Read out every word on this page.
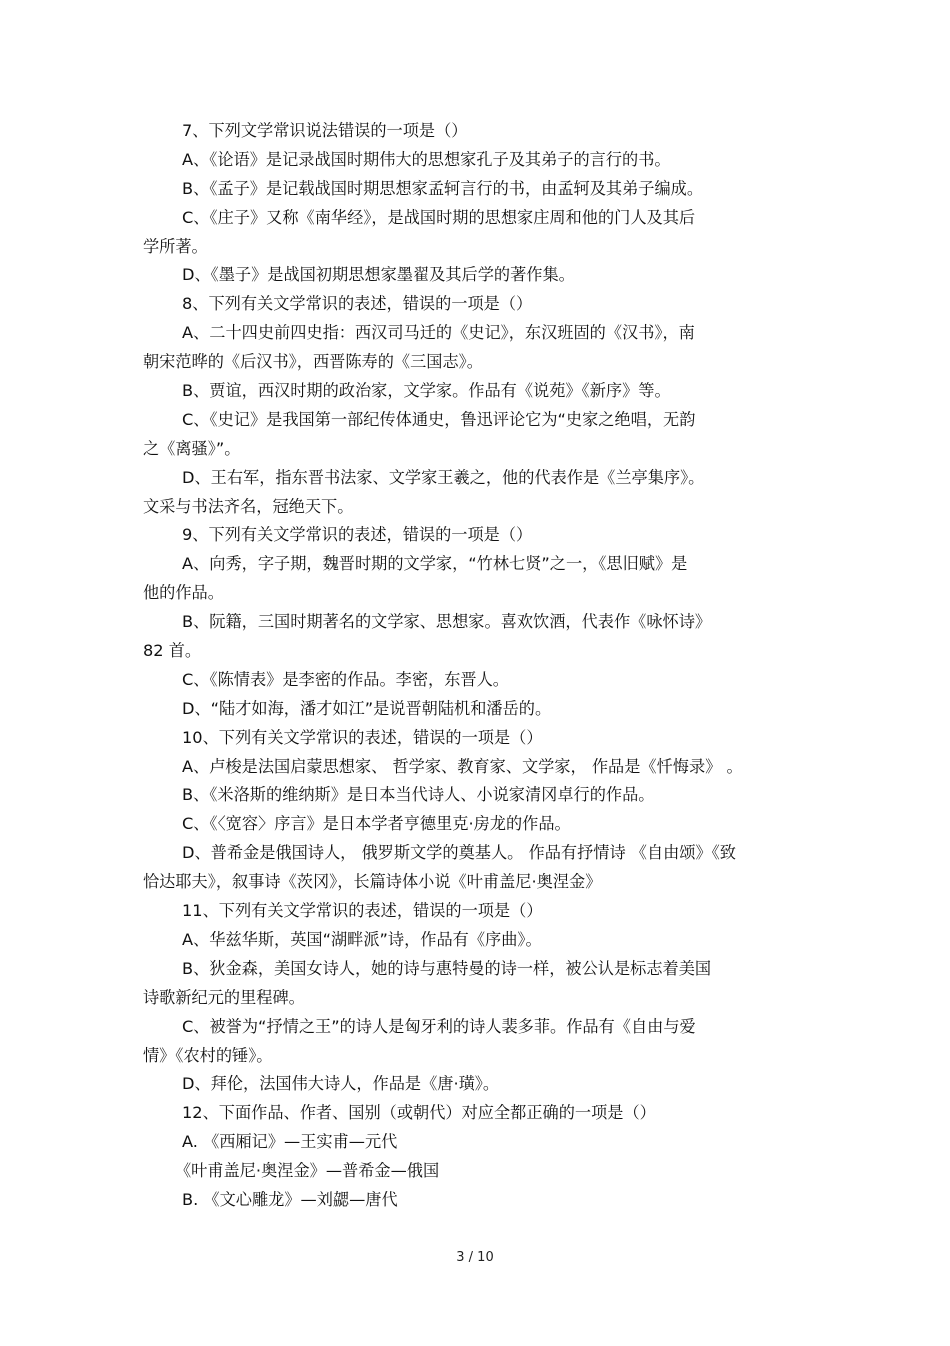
7、下列文学常识说法错误的一项是（）
A、《论语》是记录战国时期伟大的思想家孔子及其弟子的言行的书。
B、《孟子》是记载战国时期思想家孟轲言行的书，由孟轲及其弟子编成。
C、《庄子》又称《南华经》，是战国时期的思想家庄周和他的门人及其后
学所著。
D、《墨子》是战国初期思想家墨翟及其后学的著作集。
8、下列有关文学常识的表述，错误的一项是（）
A、二十四史前四史指：西汉司马迁的《史记》，东汉班固的《汉书》，南
朝宋范晔的《后汉书》，西晋陈寿的《三国志》。
B、贾谊，西汉时期的政治家，文学家。作品有《说苑》《新序》等。
C、《史记》是我国第一部纪传体通史，鲁迅评论它为“史家之绝唱，无韵
之《离骚》”。
D、王右军，指东晋书法家、文学家王羲之，他的代表作是《兰亭集序》。
文采与书法齐名，冠绝天下。
9、下列有关文学常识的表述，错误的一项是（）
A、向秀，字子期，魏晋时期的文学家，“竹林七贤”之一，《思旧赋》是
他的作品。
B、阮籍，三国时期著名的文学家、思想家。喜欢饮酒，代表作《咏怀诗》
82 首。
C、《陈情表》是李密的作品。李密，东晋人。
D、“陆才如海，潘才如江”是说晋朝陆机和潘岳的。
10、下列有关文学常识的表述，错误的一项是（）
A、卢梭是法国启蒙思想家、 哲学家、教育家、文学家， 作品是《忏悔录》 。
B、《米洛斯的维纳斯》是日本当代诗人、小说家清冈卓行的作品。
C、《〈宽容〉序言》是日本学者亨德里克·房龙的作品。
D、普希金是俄国诗人， 俄罗斯文学的奠基人。 作品有抒情诗 《自由颂》《致
恰达耶夫》，叙事诗《茨冈》，长篇诗体小说《叶甫盖尼·奥涅金》
11、下列有关文学常识的表述，错误的一项是（）
A、华兹华斯，英国“湖畔派”诗，作品有《序曲》。
B、狄金森，美国女诗人，她的诗与惠特曼的诗一样，被公认是标志着美国
诗歌新纪元的里程碑。
C、被誉为“抒情之王”的诗人是匈牙利的诗人裴多菲。作品有《自由与爱
情》《农村的锤》。
D、拜伦，法国伟大诗人，作品是《唐·璜》。
12、下面作品、作者、国别（或朝代）对应全都正确的一项是（）
A. 《西厢记》—王实甫—元代
《叶甫盖尼·奥涅金》—普希金—俄国
B. 《文心雕龙》—刘勰—唐代
3 / 10
